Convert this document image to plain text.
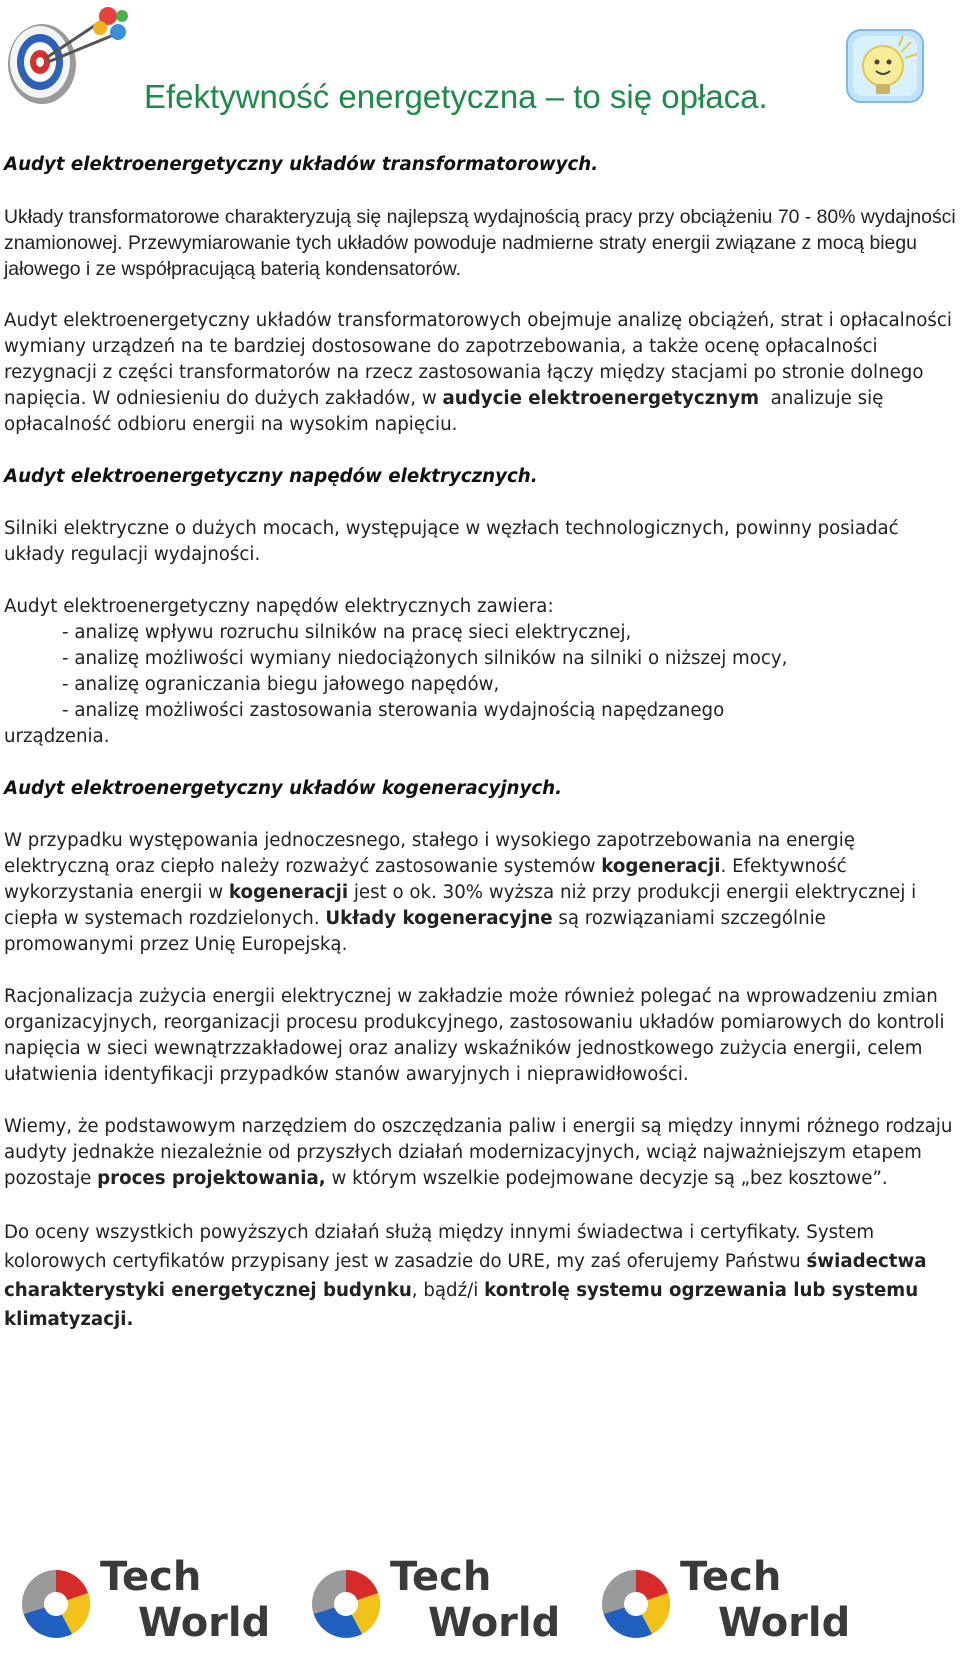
Efektywność energetyczna – to się opłaca.

Audyt elektroenergetyczny układów transformatorowych.

Układy transformatorowe charakteryzują się najlepszą wydajnością pracy przy obciążeniu 70 - 80% wydajności znamionowej. Przewymiarowanie tych układów powoduje nadmierne straty energii związane z mocą biegu jałowego i ze współpracującą baterią kondensatorów.

Audyt elektroenergetyczny układów transformatorowych obejmuje analizę obciążeń, strat i opłacalności wymiany urządzeń na te bardziej dostosowane do zapotrzebowania, a także ocenę opłacalności rezygnacji z części transformatorów na rzecz zastosowania łączy między stacjami po stronie dolnego napięcia. W odniesieniu do dużych zakładów, w audycie elektroenergetycznym  analizuje się opłacalność odbioru energii na wysokim napięciu.

Audyt elektroenergetyczny napędów elektrycznych.

Silniki elektryczne o dużych mocach, występujące w węzłach technologicznych, powinny posiadać układy regulacji wydajności.

Audyt elektroenergetyczny napędów elektrycznych zawiera:
- analizę wpływu rozruchu silników na pracę sieci elektrycznej,
- analizę możliwości wymiany niedociążonych silników na silniki o niższej mocy,
- analizę ograniczania biegu jałowego napędów,
- analizę możliwości zastosowania sterowania wydajnością napędzanego
urządzenia.

Audyt elektroenergetyczny układów kogeneracyjnych.

W przypadku występowania jednoczesnego, stałego i wysokiego zapotrzebowania na energię elektryczną oraz ciepło należy rozważyć zastosowanie systemów kogeneracji. Efektywność wykorzystania energii w kogeneracji jest o ok. 30% wyższa niż przy produkcji energii elektrycznej i ciepła w systemach rozdzielonych. Układy kogeneracyjne są rozwiązaniami szczególnie promowanymi przez Unię Europejską.

Racjonalizacja zużycia energii elektrycznej w zakładzie może również polegać na wprowadzeniu zmian organizacyjnych, reorganizacji procesu produkcyjnego, zastosowaniu układów pomiarowych do kontroli napięcia w sieci wewnątrzzakładowej oraz analizy wskaźników jednostkowego zużycia energii, celem ułatwienia identyfikacji przypadków stanów awaryjnych i nieprawidłowości.

Wiemy, że podstawowym narzędziem do oszczędzania paliw i energii są między innymi różnego rodzaju audyty jednakże niezależnie od przyszłych działań modernizacyjnych, wciąż najważniejszym etapem pozostaje proces projektowania, w którym wszelkie podejmowane decyzje są „bez kosztowe”.

Do oceny wszystkich powyższych działań służą między innymi świadectwa i certyfikaty. System kolorowych certyfikatów przypisany jest w zasadzie do URE, my zaś oferujemy Państwu świadectwa charakterystyki energetycznej budynku, bądź/i kontrolę systemu ogrzewania lub systemu klimatyzacji.

Tech
World
Tech
World
Tech
World
